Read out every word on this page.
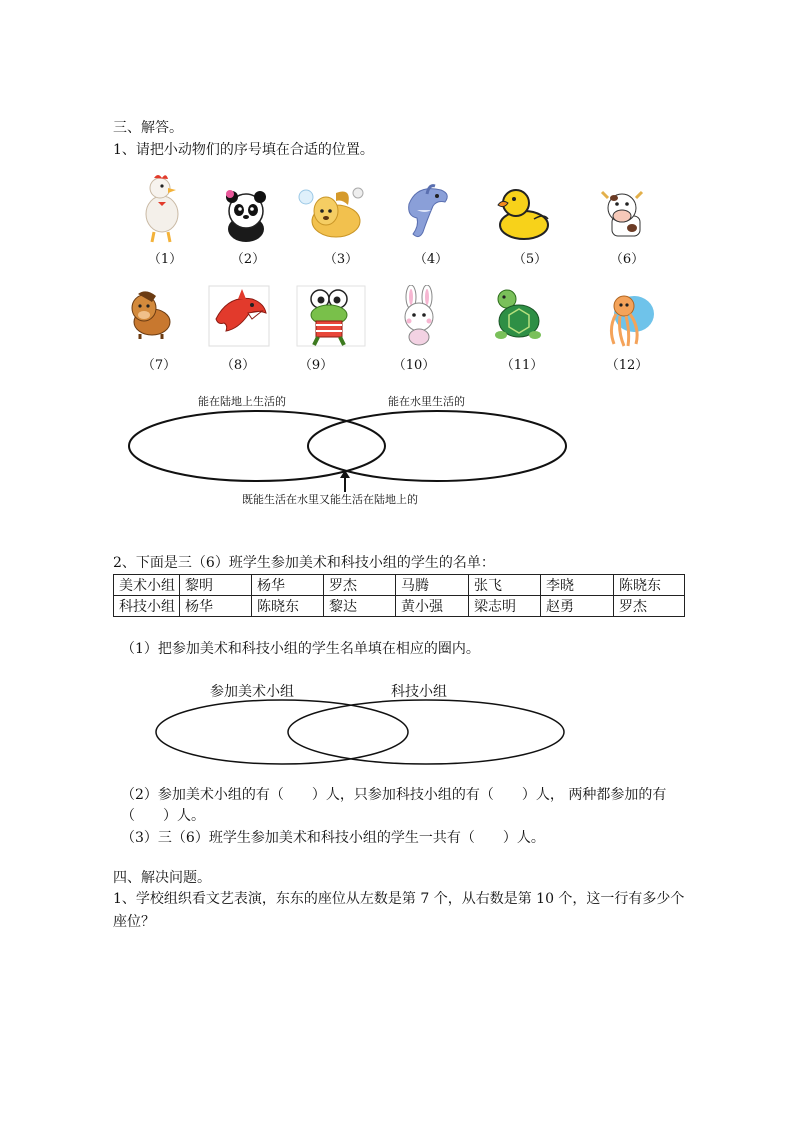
三、解答。
1、请把小动物们的序号填在合适的位置。
（1）	（2）	（3）	（4）	（5）	（6）
（7）	（8）	（9）	（10）	（11）	（12）
能在陆地上生活的	能在水里生活的
既能生活在水里又能生活在陆地上的
2、下面是三（6）班学生参加美术和科技小组的学生的名单：
美术小组	黎明	杨华	罗杰	马腾	张飞	李晓	陈晓东
科技小组	杨华	陈晓东	黎达	黄小强	梁志明	赵勇	罗杰
（1）把参加美术和科技小组的学生名单填在相应的圈内。
参加美术小组	科技小组
（2）参加美术小组的有（　　）人，只参加科技小组的有（　　）人， 两种都参加的有
（　　）人。
（3）三（6）班学生参加美术和科技小组的学生一共有（　　）人。
四、解决问题。
1、学校组织看文艺表演，东东的座位从左数是第 7 个，从右数是第 10 个，这一行有多少个
座位？
